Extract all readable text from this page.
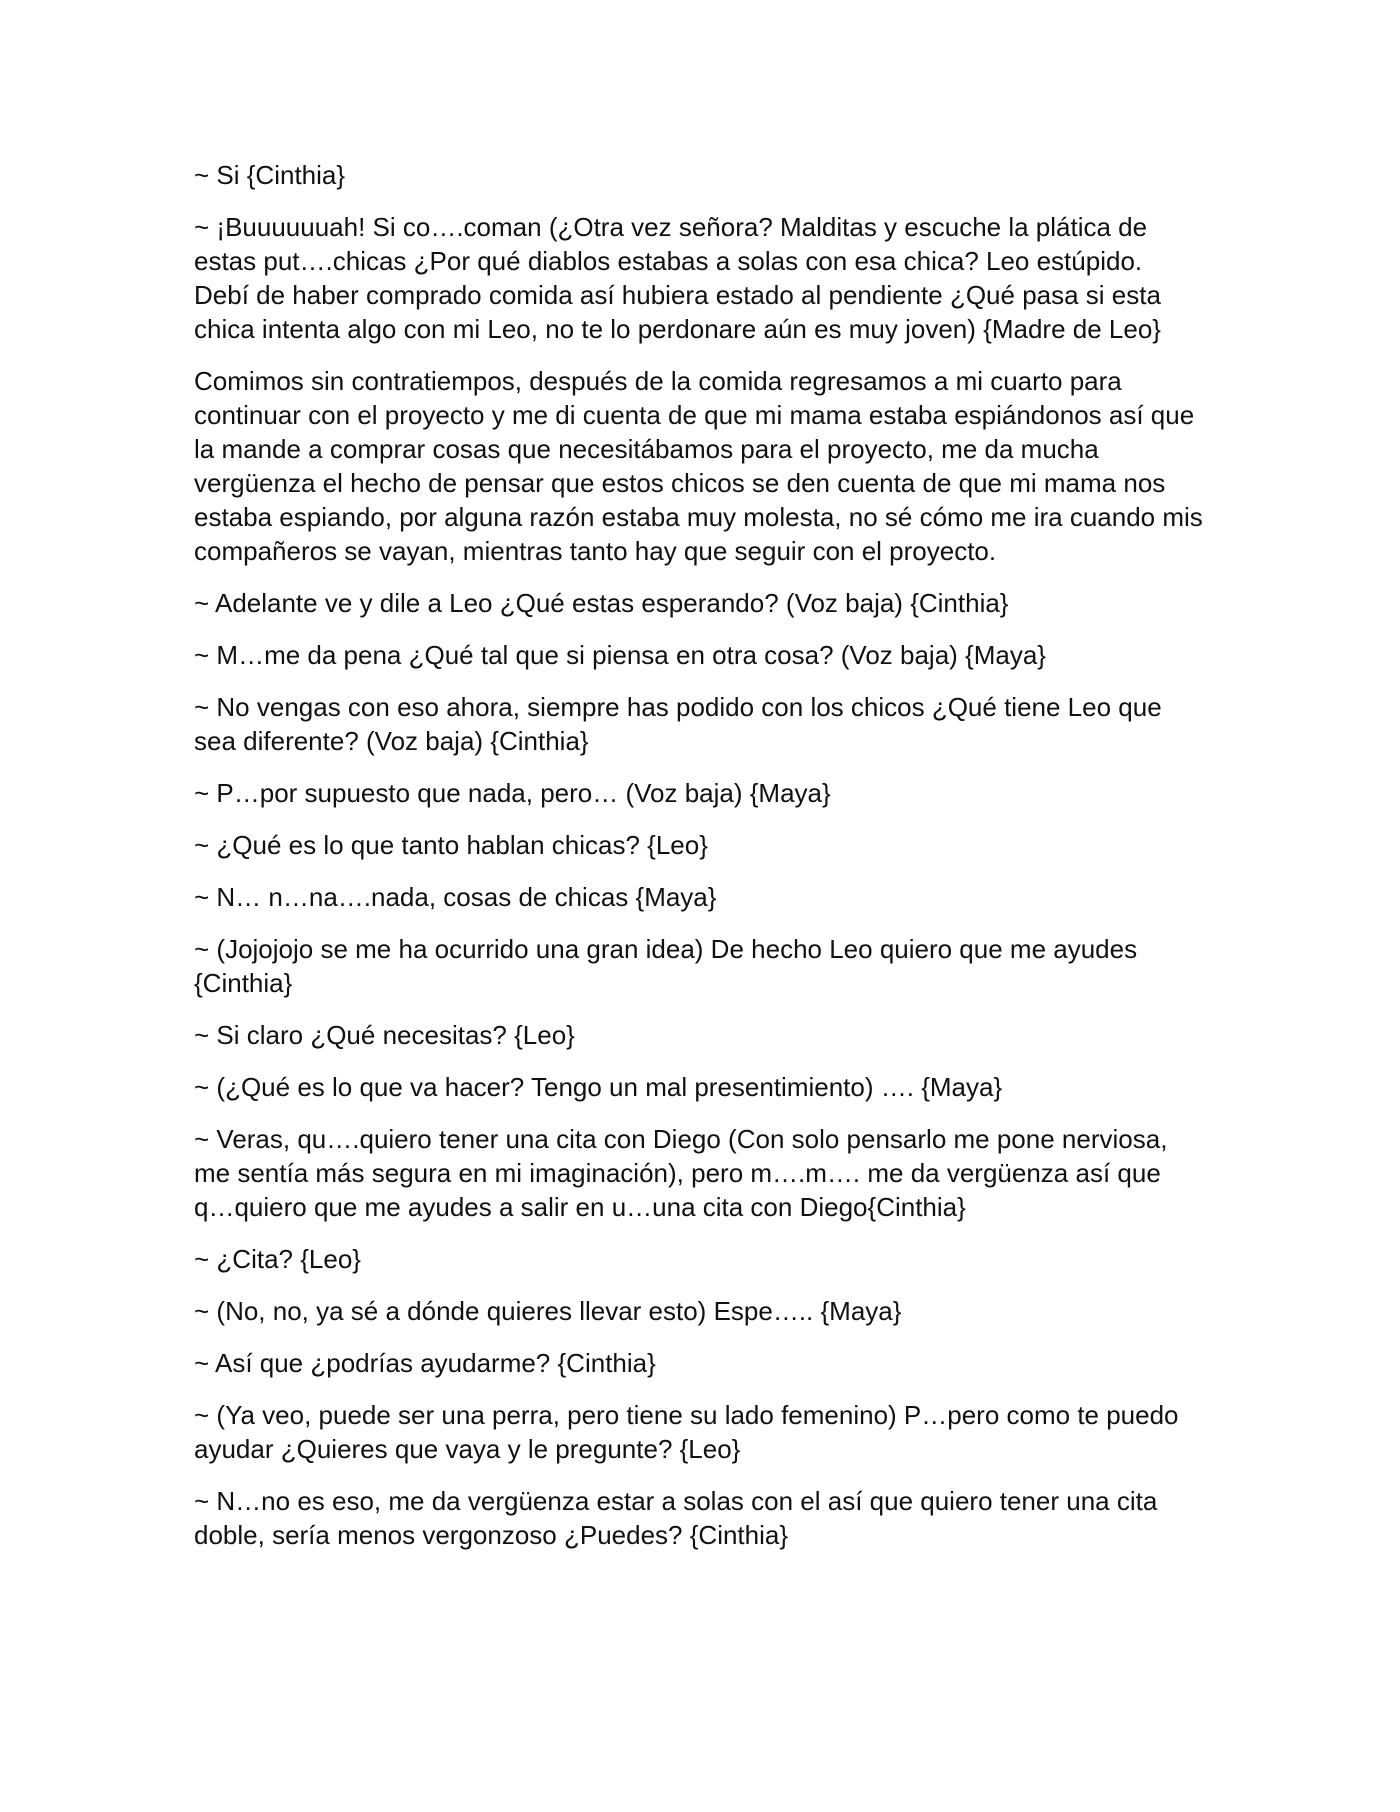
~ Si {Cinthia}

~ ¡Buuuuuuah! Si co….coman (¿Otra vez señora? Malditas y escuche la plática de estas put….chicas ¿Por qué diablos estabas a solas con esa chica? Leo estúpido. Debí de haber comprado comida así hubiera estado al pendiente ¿Qué pasa si esta chica intenta algo con mi Leo, no te lo perdonare aún es muy joven) {Madre de Leo}

Comimos sin contratiempos, después de la comida regresamos a mi cuarto para continuar con el proyecto y me di cuenta de que mi mama estaba espiándonos así que la mande a comprar cosas que necesitábamos para el proyecto, me da mucha vergüenza el hecho de pensar que estos chicos se den cuenta de que mi mama nos estaba espiando, por alguna razón estaba muy molesta, no sé cómo me ira cuando mis compañeros se vayan, mientras tanto hay que seguir con el proyecto.

~ Adelante ve y dile a Leo ¿Qué estas esperando? (Voz baja) {Cinthia}

~ M…me da pena ¿Qué tal que si piensa en otra cosa? (Voz baja) {Maya}

~ No vengas con eso ahora, siempre has podido con los chicos ¿Qué tiene Leo que sea diferente? (Voz baja) {Cinthia}

~ P…por supuesto que nada, pero… (Voz baja) {Maya}

~ ¿Qué es lo que tanto hablan chicas? {Leo}

~ N… n…na….nada, cosas de chicas {Maya}

~ (Jojojojo se me ha ocurrido una gran idea) De hecho Leo quiero que me ayudes {Cinthia}

~ Si claro ¿Qué necesitas? {Leo}

~ (¿Qué es lo que va hacer? Tengo un mal presentimiento) …. {Maya}

~ Veras, qu….quiero tener una cita con Diego (Con solo pensarlo me pone nerviosa, me sentía más segura en mi imaginación), pero m….m…. me da vergüenza así que q…quiero que me ayudes a salir en u…una cita con Diego{Cinthia}

~ ¿Cita? {Leo}

~ (No, no, ya sé a dónde quieres llevar esto) Espe….. {Maya}

~ Así que ¿podrías ayudarme? {Cinthia}

~ (Ya veo, puede ser una perra, pero tiene su lado femenino) P…pero como te puedo ayudar ¿Quieres que vaya y le pregunte? {Leo}

~ N…no es eso, me da vergüenza estar a solas con el así que quiero tener una cita doble, sería menos vergonzoso ¿Puedes? {Cinthia}
